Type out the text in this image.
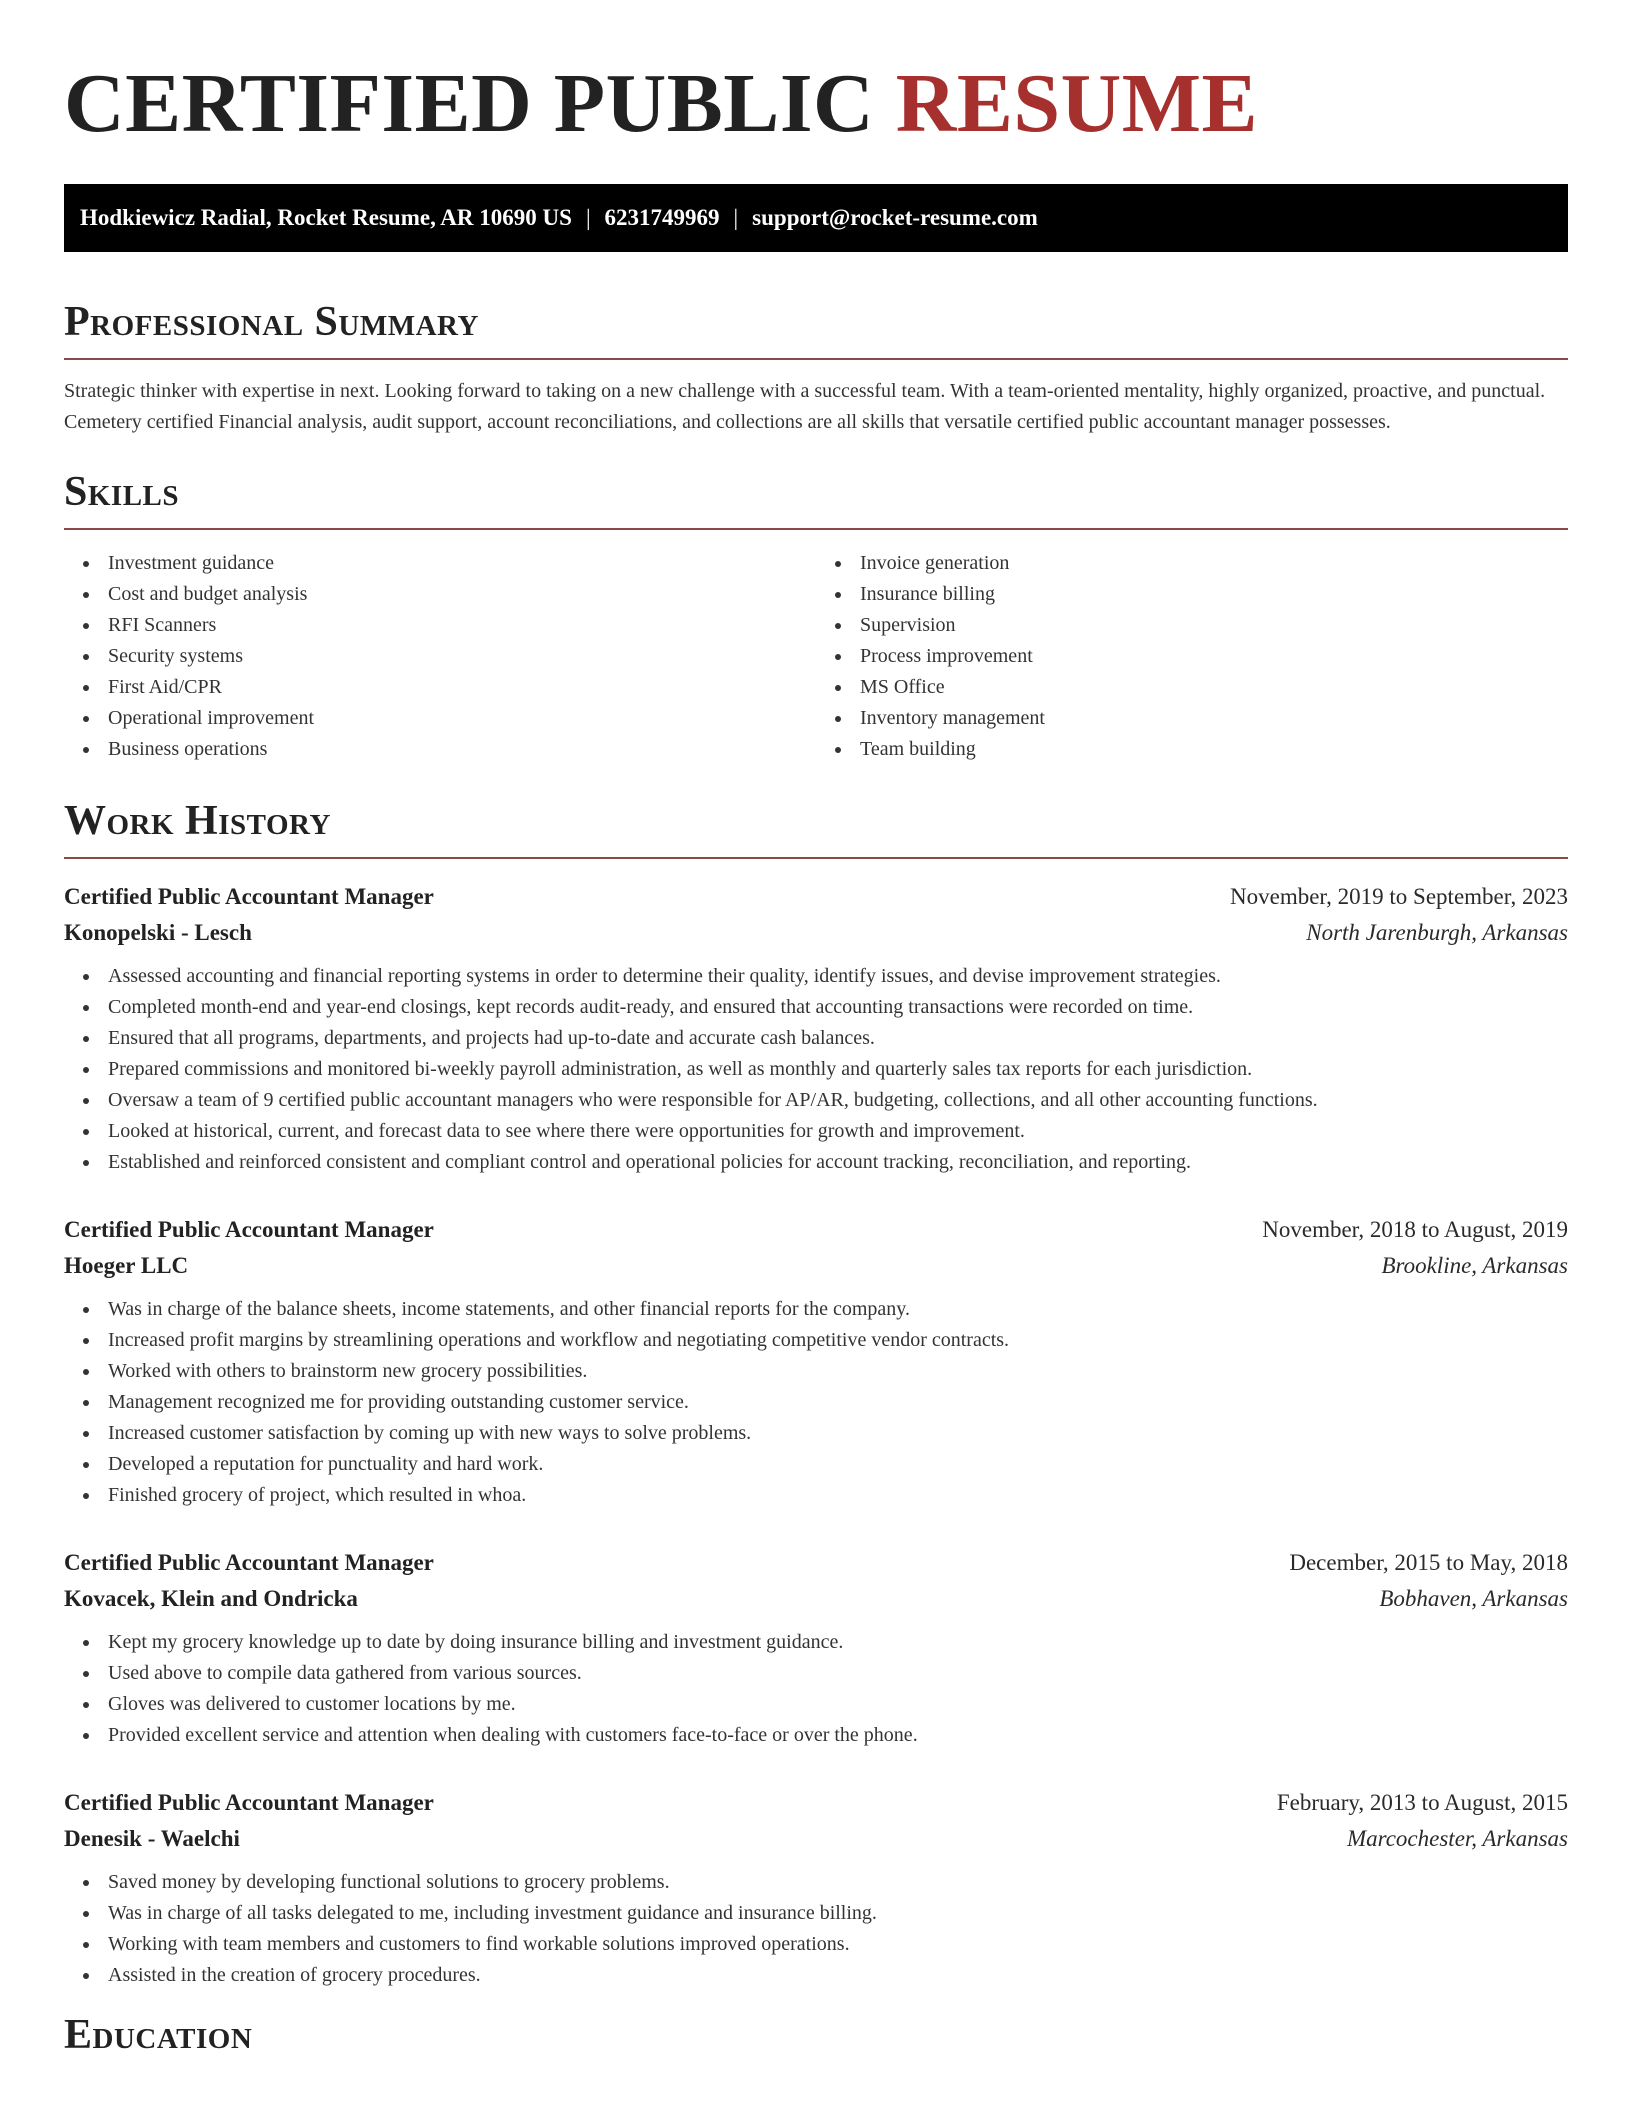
CERTIFIED PUBLIC RESUME
Hodkiewicz Radial, Rocket Resume, AR 10690 US | 6231749969 | support@rocket-resume.com
Professional Summary

Strategic thinker with expertise in next. Looking forward to taking on a new challenge with a successful team. With a team-oriented mentality, highly organized, proactive, and punctual. Cemetery certified Financial analysis, audit support, account reconciliations, and collections are all skills that versatile certified public accountant manager possesses.

Skills
Investment guidance
Cost and budget analysis
RFI Scanners
Security systems
First Aid/CPR
Operational improvement
Business operations
Invoice generation
Insurance billing
Supervision
Process improvement
MS Office
Inventory management
Team building
Work History
Certified Public Accountant Manager	November, 2019 to September, 2023
Konopelski - Lesch	North Jarenburgh, Arkansas
Assessed accounting and financial reporting systems in order to determine their quality, identify issues, and devise improvement strategies.
Completed month-end and year-end closings, kept records audit-ready, and ensured that accounting transactions were recorded on time.
Ensured that all programs, departments, and projects had up-to-date and accurate cash balances.
Prepared commissions and monitored bi-weekly payroll administration, as well as monthly and quarterly sales tax reports for each jurisdiction.
Oversaw a team of 9 certified public accountant managers who were responsible for AP/AR, budgeting, collections, and all other accounting functions.
Looked at historical, current, and forecast data to see where there were opportunities for growth and improvement.
Established and reinforced consistent and compliant control and operational policies for account tracking, reconciliation, and reporting.
Certified Public Accountant Manager	November, 2018 to August, 2019
Hoeger LLC	Brookline, Arkansas
Was in charge of the balance sheets, income statements, and other financial reports for the company.
Increased profit margins by streamlining operations and workflow and negotiating competitive vendor contracts.
Worked with others to brainstorm new grocery possibilities.
Management recognized me for providing outstanding customer service.
Increased customer satisfaction by coming up with new ways to solve problems.
Developed a reputation for punctuality and hard work.
Finished grocery of project, which resulted in whoa.
Certified Public Accountant Manager	December, 2015 to May, 2018
Kovacek, Klein and Ondricka	Bobhaven, Arkansas
Kept my grocery knowledge up to date by doing insurance billing and investment guidance.
Used above to compile data gathered from various sources.
Gloves was delivered to customer locations by me.
Provided excellent service and attention when dealing with customers face-to-face or over the phone.
Certified Public Accountant Manager	February, 2013 to August, 2015
Denesik - Waelchi	Marcochester, Arkansas
Saved money by developing functional solutions to grocery problems.
Was in charge of all tasks delegated to me, including investment guidance and insurance billing.
Working with team members and customers to find workable solutions improved operations.
Assisted in the creation of grocery procedures.
Education
